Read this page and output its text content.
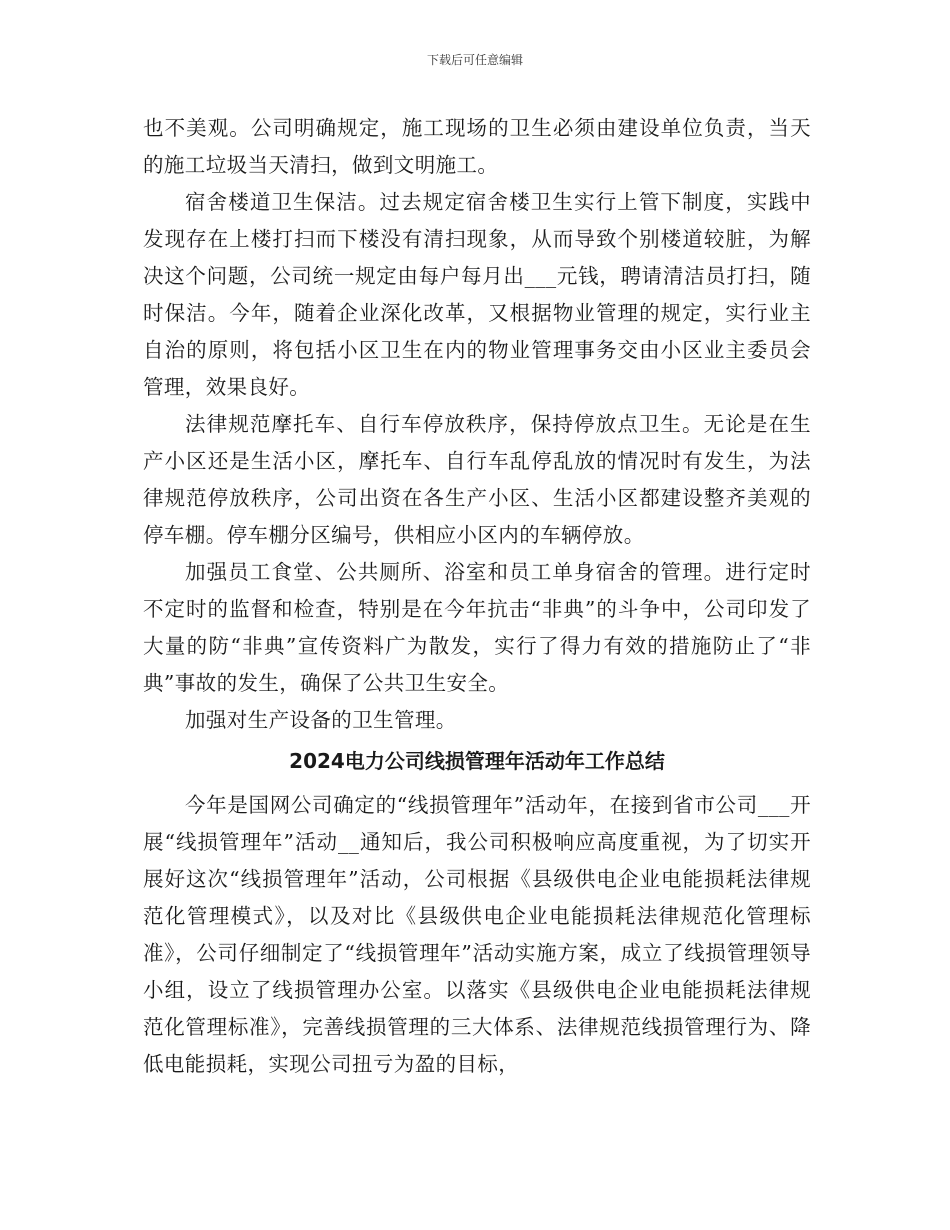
下载后可任意编辑

也不美观。公司明确规定，施工现场的卫生必须由建设单位负责，当天的施工垃圾当天清扫，做到文明施工。

宿舍楼道卫生保洁。过去规定宿舍楼卫生实行上管下制度，实践中发现存在上楼打扫而下楼没有清扫现象，从而导致个别楼道较脏，为解决这个问题，公司统一规定由每户每月出___元钱，聘请清洁员打扫，随时保洁。今年，随着企业深化改革，又根据物业管理的规定，实行业主自治的原则，将包括小区卫生在内的物业管理事务交由小区业主委员会管理，效果良好。

法律规范摩托车、自行车停放秩序，保持停放点卫生。无论是在生产小区还是生活小区，摩托车、自行车乱停乱放的情况时有发生，为法律规范停放秩序，公司出资在各生产小区、生活小区都建设整齐美观的停车棚。停车棚分区编号，供相应小区内的车辆停放。

加强员工食堂、公共厕所、浴室和员工单身宿舍的管理。进行定时不定时的监督和检查，特别是在今年抗击“非典”的斗争中，公司印发了大量的防“非典”宣传资料广为散发，实行了得力有效的措施防止了“非典”事故的发生，确保了公共卫生安全。

加强对生产设备的卫生管理。

2024电力公司线损管理年活动年工作总结

今年是国网公司确定的“线损管理年”活动年，在接到省市公司___开展“线损管理年”活动__通知后，我公司积极响应高度重视，为了切实开展好这次“线损管理年”活动，公司根据《县级供电企业电能损耗法律规范化管理模式》，以及对比《县级供电企业电能损耗法律规范化管理标准》，公司仔细制定了“线损管理年”活动实施方案，成立了线损管理领导小组，设立了线损管理办公室。以落实《县级供电企业电能损耗法律规范化管理标准》，完善线损管理的三大体系、法律规范线损管理行为、降低电能损耗，实现公司扭亏为盈的目标，
